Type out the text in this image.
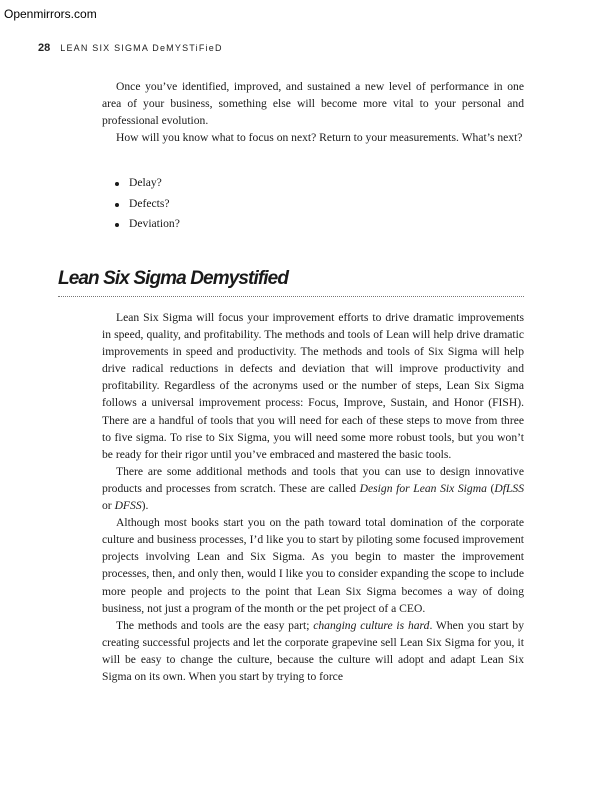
Openmirrors.com
28 LEAN SIX SIGMA DeMYSTiFieD

Once you’ve identified, improved, and sustained a new level of performance in one area of your business, something else will become more vital to your personal and professional evolution.

How will you know what to focus on next? Return to your measurements. What’s next?

Delay?
Defects?
Deviation?
Lean Six Sigma Demystified

Lean Six Sigma will focus your improvement efforts to drive dramatic improvements in speed, quality, and profitability. The methods and tools of Lean will help drive dramatic improvements in speed and productivity. The methods and tools of Six Sigma will help drive radical reductions in defects and deviation that will improve productivity and profitability. Regardless of the acronyms used or the number of steps, Lean Six Sigma follows a universal improvement process: Focus, Improve, Sustain, and Honor (FISH). There are a handful of tools that you will need for each of these steps to move from three to five sigma. To rise to Six Sigma, you will need some more robust tools, but you won’t be ready for their rigor until you’ve embraced and mastered the basic tools.

There are some additional methods and tools that you can use to design innovative products and processes from scratch. These are called Design for Lean Six Sigma (DfLSS or DFSS).

Although most books start you on the path toward total domination of the corporate culture and business processes, I’d like you to start by piloting some focused improvement projects involving Lean and Six Sigma. As you begin to master the improvement processes, then, and only then, would I like you to consider expanding the scope to include more people and projects to the point that Lean Six Sigma becomes a way of doing business, not just a program of the month or the pet project of a CEO.

The methods and tools are the easy part; changing culture is hard. When you start by creating successful projects and let the corporate grapevine sell Lean Six Sigma for you, it will be easy to change the culture, because the culture will adopt and adapt Lean Six Sigma on its own. When you start by trying to force
